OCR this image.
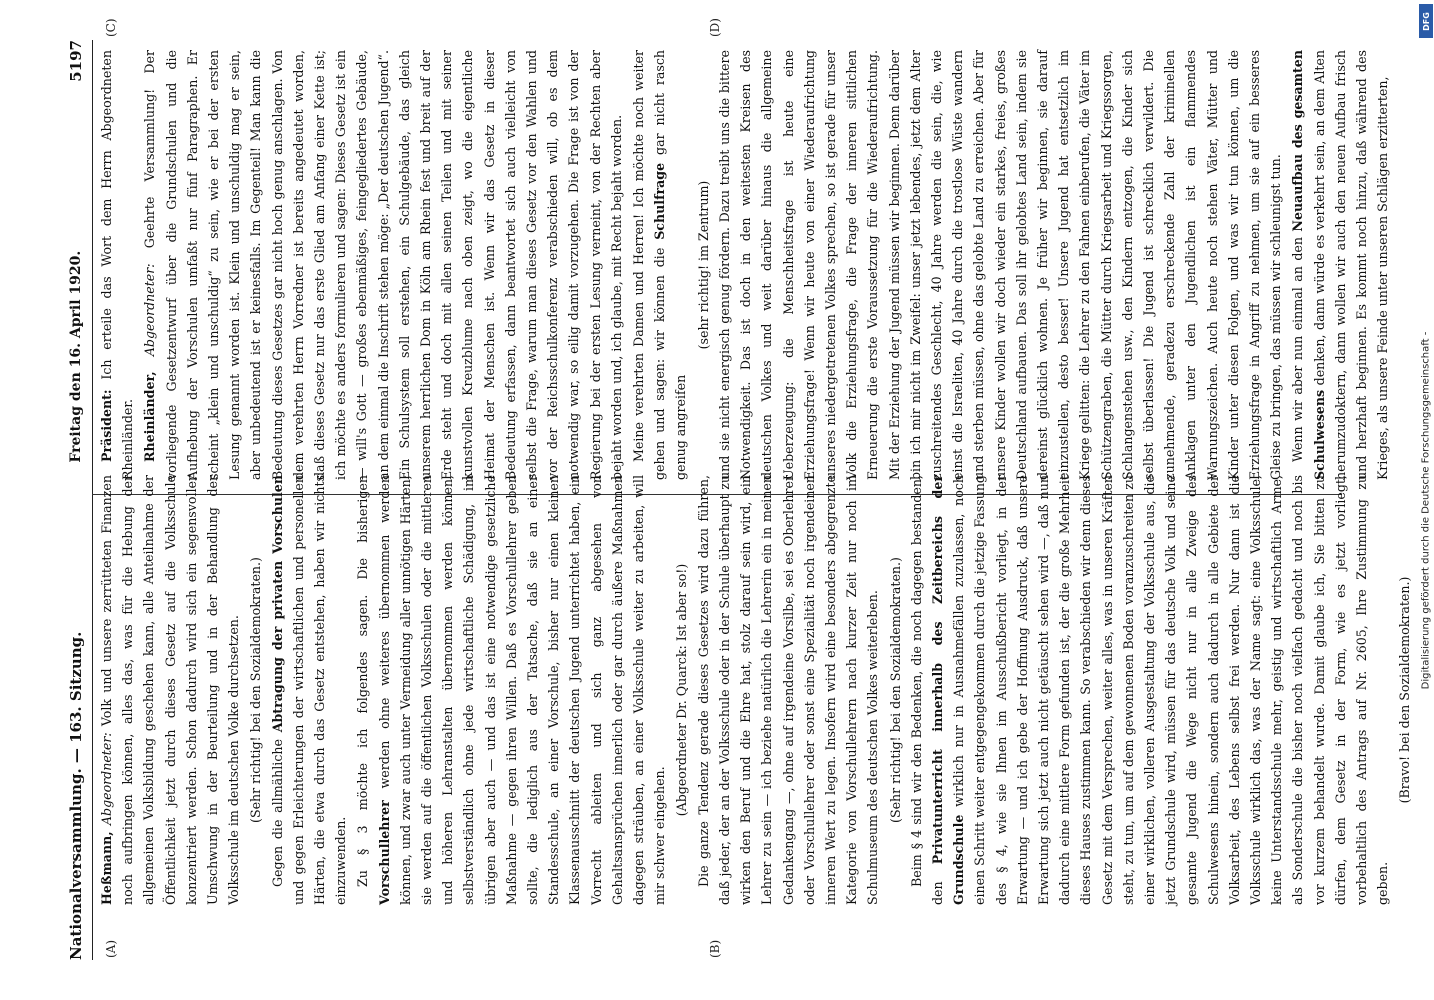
Nationalversammlung. — 163. Sitzung.
Freitag den 16. April 1920.
5197
(A)	(B)
(C)	(D)

Heßmann, Abgeordneter: Volk und unsere zerrütteten Finanzen noch aufbringen können, alles das, was für die Hebung der allgemeinen Volksbildung geschehen kann, alle Anteilnahme der Öffentlichkeit jetzt durch dieses Gesetz auf die Volksschule konzentriert werden. Schon dadurch wird sich ein segensvoller Umschwung in der Beurteilung und in der Behandlung der Volksschule im deutschen Volke durchsetzen. (Sehr richtig! bei den Sozialdemokraten.) Gegen die allmähliche Abtragung der privaten Vorschulen und gegen Erleichterungen der wirtschaftlichen und personellen Härten, die etwa durch das Gesetz entstehen, haben wir nichts einzuwenden. Zu § 3 möchte ich folgendes sagen. Die bisherigen Vorschullehrer werden ohne weiteres übernommen werden können, und zwar auch unter Vermeidung aller unnötigen Härten; sie werden auf die öffentlichen Volksschulen oder die mittleren und höheren Lehranstalten übernommen werden können, selbstverständlich ohne jede wirtschaftliche Schädigung, im übrigen aber auch — und das ist eine notwendige gesetzliche Maßnahme — gegen ihren Willen. Daß es Vorschullehrer geben sollte, die lediglich aus der Tatsache, daß sie an einer Standesschule, an einer Vorschule, bisher nur einen kleinen Klassenausschnitt der deutschen Jugend unterrichtet haben, ein Vorrecht ableiten und sich ganz abgesehen von Gehaltsansprüchen innerlich oder gar durch äußere Maßnahmen dagegen sträuben, an einer Volksschule weiter zu arbeiten, will mir schwer eingehen.

(Abgeordneter Dr. Quarck: Ist aber so!) Die ganze Tendenz gerade dieses Gesetzes wird dazu führen, daß jeder, der an der Volksschule oder in der Schule überhaupt zu wirken den Beruf und die Ehre hat, stolz darauf sein wird, ein Lehrer zu sein — ich beziehe natürlich die Lehrerin ein in meinen Gedankengang —, ohne auf irgendeine Vorsilbe, sei es Oberlehrer oder Vorschullehrer oder sonst eine Spezialität noch irgendeinen inneren Wert zu legen. Insofern wird eine besonders abgegrenzte Kategorie von Vorschullehrern nach kurzer Zeit nur noch im Schulmuseum des deutschen Volkes weiterleben. (Sehr richtig! bei den Sozialdemokraten.) Beim § 4 sind wir den Bedenken, die noch dagegen bestanden, den Privatunterricht innerhalb des Zeitbereichs der Grundschule wirklich nur in Ausnahmefällen zuzulassen, noch einen Schritt weiter entgegengekommen durch die jetzige Fassung des § 4, wie sie Ihnen im Ausschußbericht vorliegt, in der Erwartung — und ich gebe der Hoffnung Ausdruck, daß unsere Erwartung sich jetzt auch nicht getäuscht sehen wird —, daß nun dadurch eine mittlere Form gefunden ist, der die große Mehrheit dieses Hauses zustimmen kann. So verabschieden wir denn dieses Gesetz mit dem Versprechen, weiter alles, was in unseren Kräften steht, zu tun, um auf dem gewonnenen Boden voranzuschreiten zu einer wirklichen, volleren Ausgestaltung der Volksschule aus, die jetzt Grundschule wird, müssen für das deutsche Volk und seine gesamte Jugend die Wege nicht nur in alle Zweige des Schulwesens hinein, sondern auch dadurch in alle Gebiete der Volksarbeit, des Lebens selbst frei werden. Nur dann ist die Volksschule wirklich das, was der Name sagt: eine Volksschule, keine Unterstandsschule mehr, geistig und wirtschaftlich Arme, als Sonderschule die bisher noch vielfach gedacht und noch bis vor kurzem behandelt wurde. Damit glaube ich, Sie bitten zu dürfen, dem Gesetz in der Form, wie es jetzt vorliegt, vorbehaltlich des Antrags auf Nr. 2605, Ihre Zustimmung zu geben.

(Bravo! bei den Sozialdemokraten.)

Präsident: Ich erteile das Wort dem Herrn Abgeordneten Rheinländer. Rheinländer, Abgeordneter: Geehrte Versammlung! Der vorliegende Gesetzentwurf über die Grundschulen und die Aufhebung der Vorschulen umfaßt nur fünf Paragraphen. Er scheint „klein und unschuldig“ zu sein, wie er bei der ersten Lesung genannt worden ist. Klein und unschuldig mag er sein, aber unbedeutend ist er keinesfalls. Im Gegenteil! Man kann die Bedeutung dieses Gesetzes gar nicht hoch genug anschlagen. Von dem verehrten Herrn Vorredner ist bereits angedeutet worden, daß dieses Gesetz nur das erste Glied am Anfang einer Kette ist; ich möchte es anders formulieren und sagen: Dieses Gesetz ist ein — will's Gott — großes ebenmäßiges, feingegliedertes Gebäude, an dem einmal die Inschrift stehen möge: „Der deutschen Jugend“. Ein Schulsystem soll erstehen, ein Schulgebäude, das gleich unserem herrlichen Dom in Köln am Rhein fest und breit auf der Erde steht und doch mit allen seinen Teilen und mit seiner kunstvollen Kreuzblume nach oben zeigt, wo die eigentliche Heimat der Menschen ist. Wenn wir das Gesetz in dieser Bedeutung erfassen, dann beantwortet sich auch vielleicht von selbst die Frage, warum man dieses Gesetz vor den Wahlen und vor der Reichsschulkonferenz verabschieden will, ob es dem notwendig war, so eilig damit vorzugehen. Die Frage ist von der Regierung bei der ersten Lesung verneint, von der Rechten aber bejaht worden und, ich glaube, mit Recht bejaht worden. Meine verehrten Damen und Herren! Ich möchte noch weiter gehen und sagen: wir können die Schulfrage gar nicht rasch genug angreifen

(sehr richtig! im Zentrum) und sie nicht energisch genug fördern. Dazu treibt uns die bittere Notwendigkeit. Das ist doch in den weitesten Kreisen des deutschen Volkes und weit darüber hinaus die allgemeine Ueberzeugung: die Menschheitsfrage ist heute eine Erziehungsfrage! Wenn wir heute von einer Wiederaufrichtung unseres niedergetretenen Volkes sprechen, so ist gerade für unser Volk die Erziehungsfrage, die Frage der inneren sittlichen Erneuerung die erste Voraussetzung für die Wiederaufrichtung. Mit der Erziehung der Jugend müssen wir beginnen. Denn darüber bin ich mir nicht im Zweifel: unser jetzt lebendes, jetzt dem Alter zuschreitendes Geschlecht, 40 Jahre werden die sein, die, wie einst die Israeliten, 40 Jahre durch die trostlose Wüste wandern und sterben müssen, ohne das gelobte Land zu erreichen. Aber für unsere Kinder wollen wir doch wieder ein starkes, freies, großes Deutschland aufbauen. Das soll ihr gelobtes Land sein, indem sie dereinst glücklich wohnen. Je früher wir beginnen, sie darauf einzustellen, desto besser! Unsere Jugend hat entsetzlich im Kriege gelitten: die Lehrer zu den Fahnen einberufen, die Väter im Schützengraben, die Mütter durch Kriegsarbeit und Kriegssorgen, Schlangenstehen usw., den Kindern entzogen, die Kinder sich selbst überlassen! Die Jugend ist schrecklich verwildert. Die zunehmende, geradezu erschreckende Zahl der kriminellen Anklagen unter den Jugendlichen ist ein flammendes Warnungszeichen. Auch heute noch stehen Väter, Mütter und Kinder unter diesen Folgen, und was wir tun können, um die Erziehungsfrage in Angriff zu nehmen, um sie auf ein besseres Gleise zu bringen, das müssen wir schleunigst tun. Wenn wir aber nun einmal an den Neuaufbau des gesamten Schulwesens denken, dann würde es verkehrt sein, an dem Alten herumzudoktern, dann wollen wir auch den neuen Aufbau frisch und herzhaft beginnen. Es kommt noch hinzu, daß während des Krieges, als unsere Feinde unter unseren Schlägen erzitterten,

DFG
Digitalisierung gefördert durch die Deutsche Forschungsgemeinschaft -
